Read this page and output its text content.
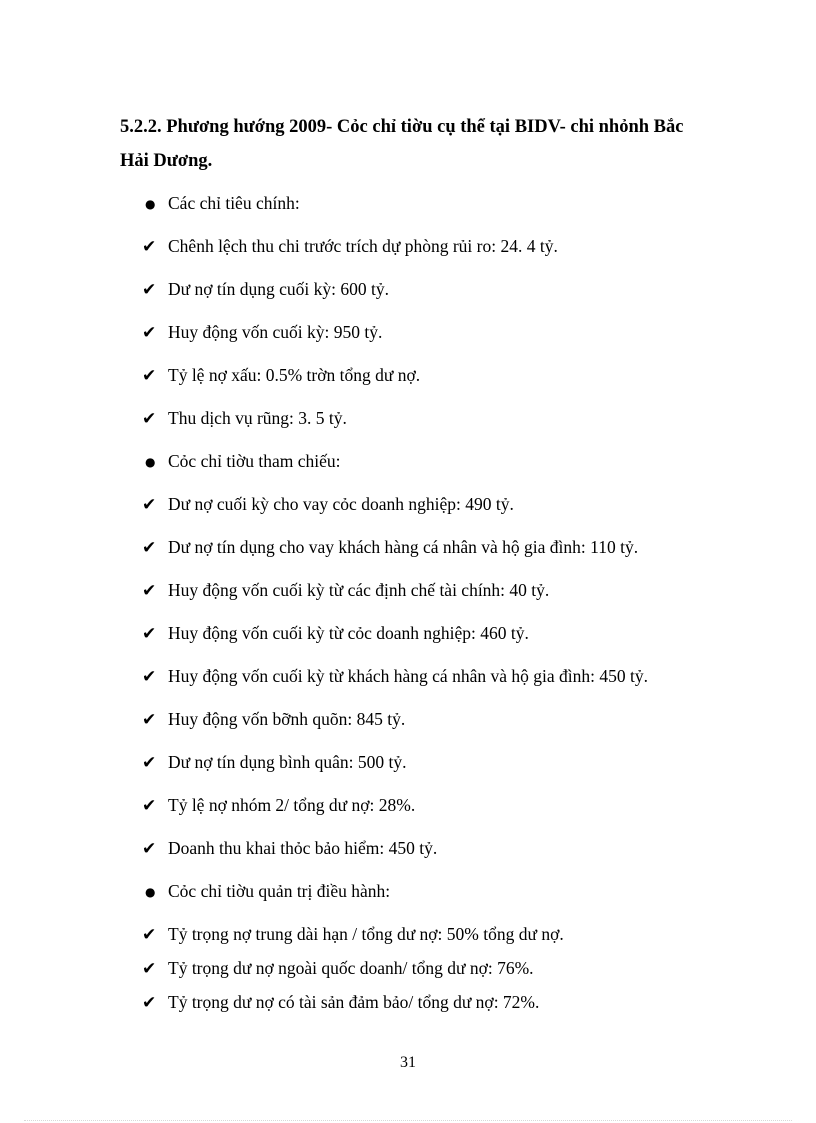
5.2.2. Phương hướng 2009- Cỏc chỉ tiờu cụ thể tại BIDV- chi nhỏnh Bắc
Hải Dương.
● Các chỉ tiêu chính:
✔ Chênh lệch thu chi trước trích dự phòng rủi ro: 24. 4 tỷ.
✔ Dư nợ tín dụng cuối kỳ: 600 tỷ.
✔ Huy động vốn cuối kỳ: 950 tỷ.
✔ Tỷ lệ nợ xấu: 0.5% trờn tổng dư nợ.
✔ Thu dịch vụ rũng: 3. 5 tỷ.
● Cỏc chỉ tiờu tham chiếu:
✔ Dư nợ cuối kỳ cho vay cỏc doanh nghiệp: 490 tỷ.
✔ Dư nợ tín dụng cho vay khách hàng cá nhân và hộ gia đình: 110 tỷ.
✔ Huy động vốn cuối kỳ từ các định chế tài chính: 40 tỷ.
✔ Huy động vốn cuối kỳ từ cỏc doanh nghiệp: 460 tỷ.
✔ Huy động vốn cuối kỳ từ khách hàng cá nhân và hộ gia đình: 450 tỷ.
✔ Huy động vốn bỡnh quõn: 845 tỷ.
✔ Dư nợ tín dụng bình quân: 500 tỷ.
✔ Tỷ lệ nợ nhóm 2/ tổng dư nợ: 28%.
✔ Doanh thu khai thỏc bảo hiểm: 450 tỷ.
● Cỏc chỉ tiờu quản trị điều hành:
✔ Tỷ trọng nợ trung dài hạn / tổng dư nợ: 50% tổng dư nợ.
✔ Tỷ trọng dư nợ ngoài quốc doanh/ tổng dư nợ: 76%.
✔ Tỷ trọng dư nợ có tài sản đảm bảo/ tổng dư nợ: 72%.
31
